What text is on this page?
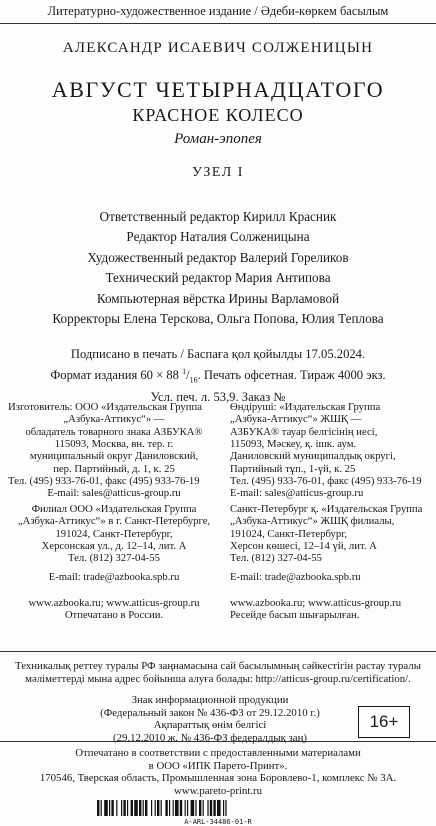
Литературно-художественное издание / Әдеби-көркем басылым
АЛЕКСАНДР ИСАЕВИЧ СОЛЖЕНИЦЫН
АВГУСТ ЧЕТЫРНАДЦАТОГО
КРАСНОЕ КОЛЕСО
Роман-эпопея
УЗЕЛ I
Ответственный редактор Кирилл Красник
Редактор Наталия Солженицына
Художественный редактор Валерий Гореликов
Технический редактор Мария Антипова
Компьютерная вёрстка Ирины Варламовой
Корректоры Елена Терскова, Ольга Попова, Юлия Теплова
Подписано в печать / Баспаға қол қойылды 17.05.2024.
Формат издания 60 × 88 $^1/_{16}$. Печать офсетная. Тираж 4000 экз.
Усл. печ. л. 53,9. Заказ №
Изготовитель: ООО «Издательская Группа
„Азбука-Аттикус“» —
обладатель товарного знака АЗБУКА®
115093, Москва, вн. тер. г.
муниципальный округ Даниловский,
пер. Партийный, д. 1, к. 25
Тел. (495) 933-76-01, факс (495) 933-76-19
E-mail: sales@atticus-group.ru
Филиал ООО «Издательская Группа
„Азбука-Аттикус“» в г. Санкт-Петербурге,
191024, Санкт-Петербург,
Херсонская ул., д. 12–14, лит. А
Тел. (812) 327-04-55
E-mail: trade@azbooka.spb.ru
www.azbooka.ru; www.atticus-group.ru
Отпечатано в России.
Өндіруші: «Издательская Группа
„Азбука-Аттикус“» ЖШҚ —
АЗБУКА® тауар белгісінің иесі,
115093, Мәскеу, қ. ішк. аум.
Даниловский муниципалдық округі,
Партийный тұп., 1-үй, к. 25
Тел. (495) 933-76-01, факс (495) 933-76-19
E-mail: sales@atticus-group.ru
Санкт-Петербург қ. «Издательская Группа
„Азбука-Аттикус“» ЖШҚ филиалы,
191024, Санкт-Петербург,
Херсон көшесі, 12–14 үй, лит. А
Тел. (812) 327-04-55
E-mail: trade@azbooka.spb.ru
www.azbooka.ru; www.atticus-group.ru
Ресейде басып шығарылған.
Техникалық реттеу туралы РФ заңнамасына сай басылымның сәйкестігін растау туралы
мәліметтерді мына адрес бойынша алуға болады: http://atticus-group.ru/certification/.
Знак информационной продукции
(Федеральный закон № 436-ФЗ от 29.12.2010 г.)
Ақпараттық өнім белгісі
(29.12.2010 ж. № 436-ФЗ федералдық заң)
16+
Отпечатано в соответствии с предоставленными материалами
в ООО «ИПК Парето-Принт».
170546, Тверская область, Промышленная зона Боровлево-1, комплекс № 3А.
www.pareto-print.ru
A-ARL-34486-01-R
